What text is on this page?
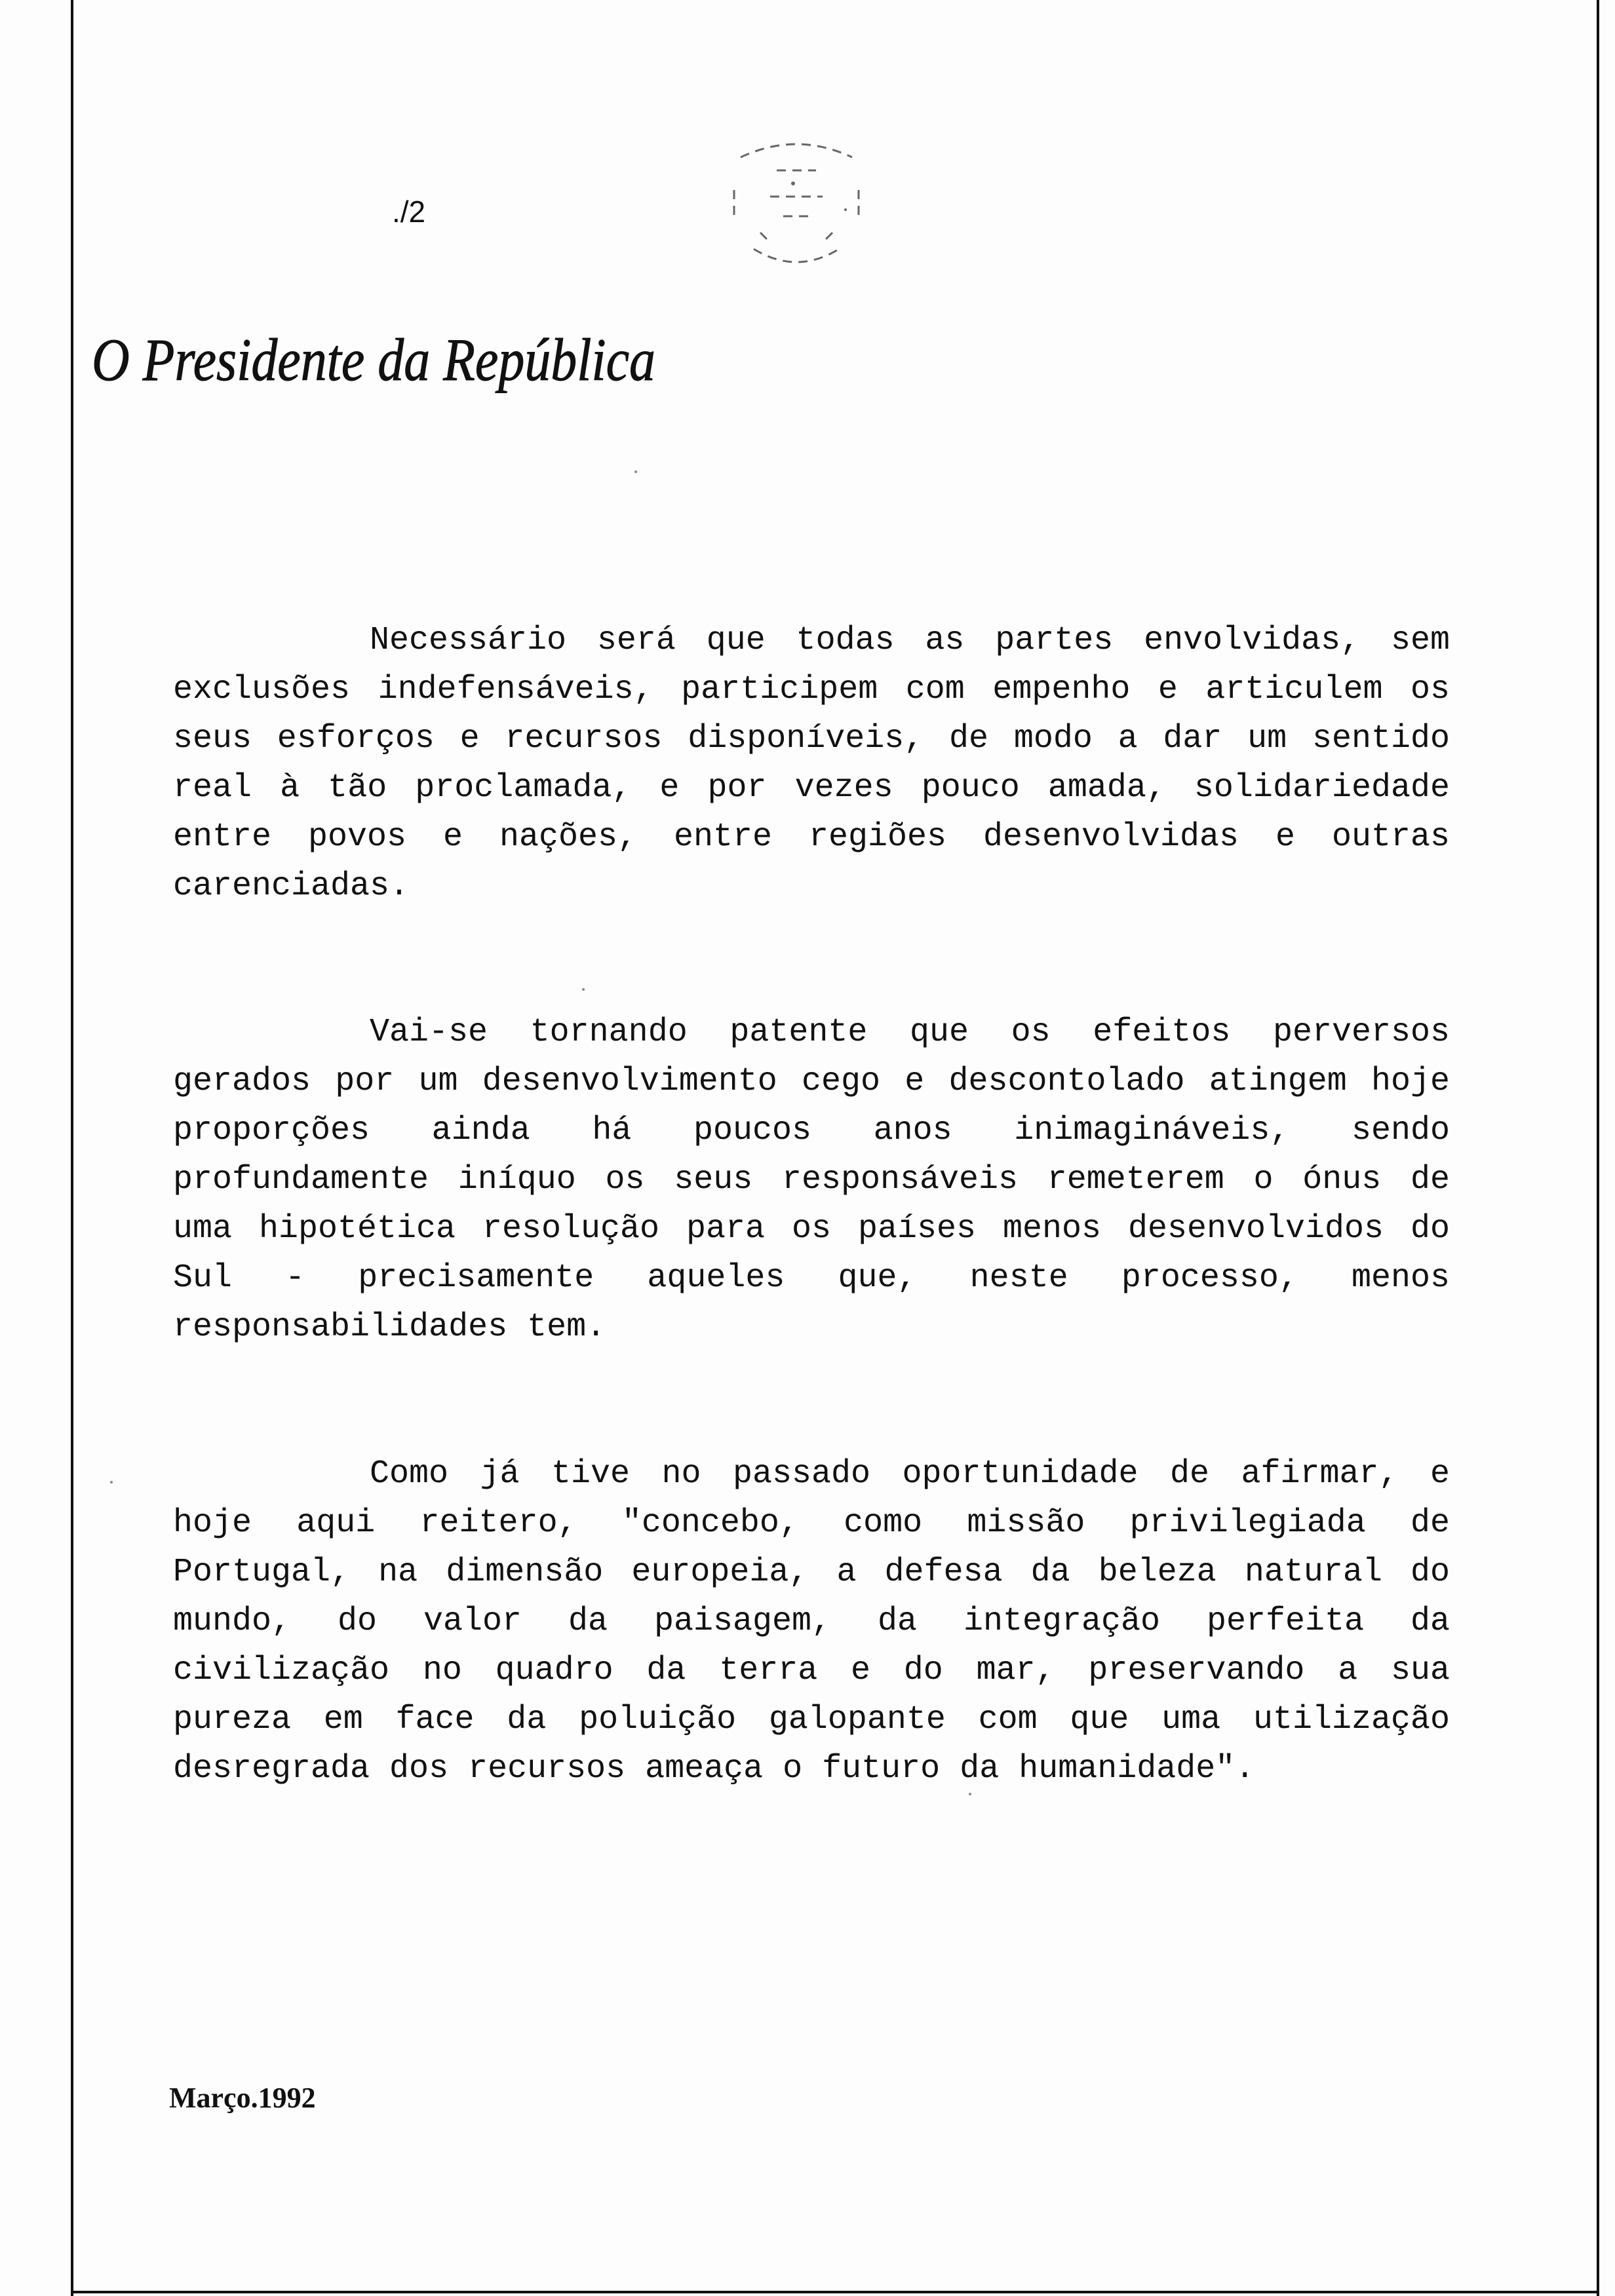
./2
O Presidente da República

Necessário será que todas as partes envolvidas, sem exclusões indefensáveis, participem com empenho e articulem os seus esforços e recursos disponíveis, de modo a dar um sentido real à tão proclamada, e por vezes pouco amada, solidariedade entre povos e nações, entre regiões desenvolvidas e outras carenciadas.

Vai-se tornando patente que os efeitos perversos gerados por um desenvolvimento cego e descontolado atingem hoje proporções ainda há poucos anos inimagináveis, sendo profundamente iníquo os seus responsáveis remeterem o ónus de uma hipotética resolução para os países menos desenvolvidos do Sul - precisamente aqueles que, neste processo, menos responsabilidades tem.

Como já tive no passado oportunidade de afirmar, e hoje aqui reitero, "concebo, como missão privilegiada de Portugal, na dimensão europeia, a defesa da beleza natural do mundo, do valor da paisagem, da integração perfeita da civilização no quadro da terra e do mar, preservando a sua pureza em face da poluição galopante com que uma utilização desregrada dos recursos ameaça o futuro da humanidade".

Março.1992
